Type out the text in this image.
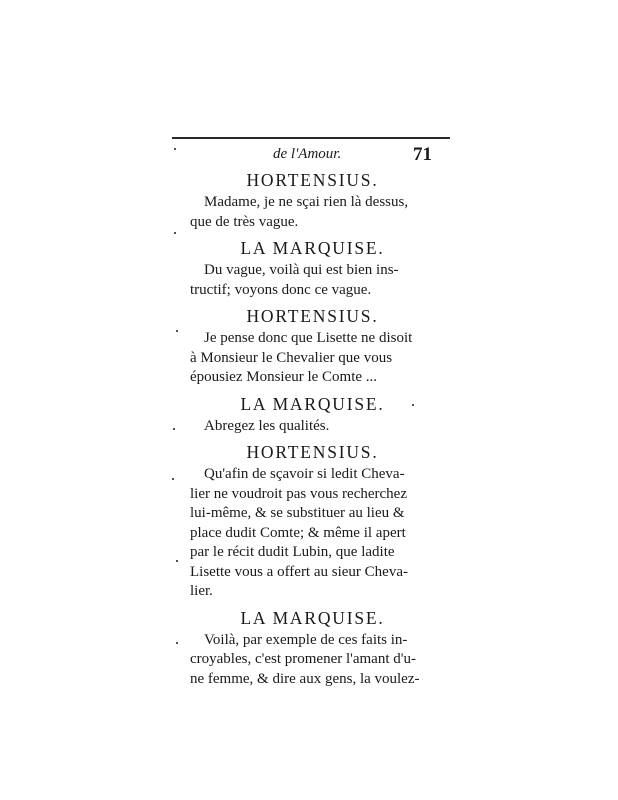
de l'Amour.	71
HORTENSIUS.
Madame, je ne sçai rien là dessus,
que de très vague.
LA MARQUISE.
Du vague, voilà qui est bien ins-
tructif; voyons donc ce vague.
HORTENSIUS.
Je pense donc que Lisette ne disoit
à Monsieur le Chevalier que vous
épousiez Monsieur le Comte ...
LA MARQUISE.
Abregez les qualités.
HORTENSIUS.
Qu'afin de sçavoir si ledit Cheva-
lier ne voudroit pas vous recherchez
lui-même, & se substituer au lieu &
place dudit Comte; & même il apert
par le récit dudit Lubin, que ladite
Lisette vous a offert au sieur Cheva-
lier.
LA MARQUISE.
Voilà, par exemple de ces faits in-
croyables, c'est promener l'amant d'u-
ne femme, & dire aux gens, la voulez-
